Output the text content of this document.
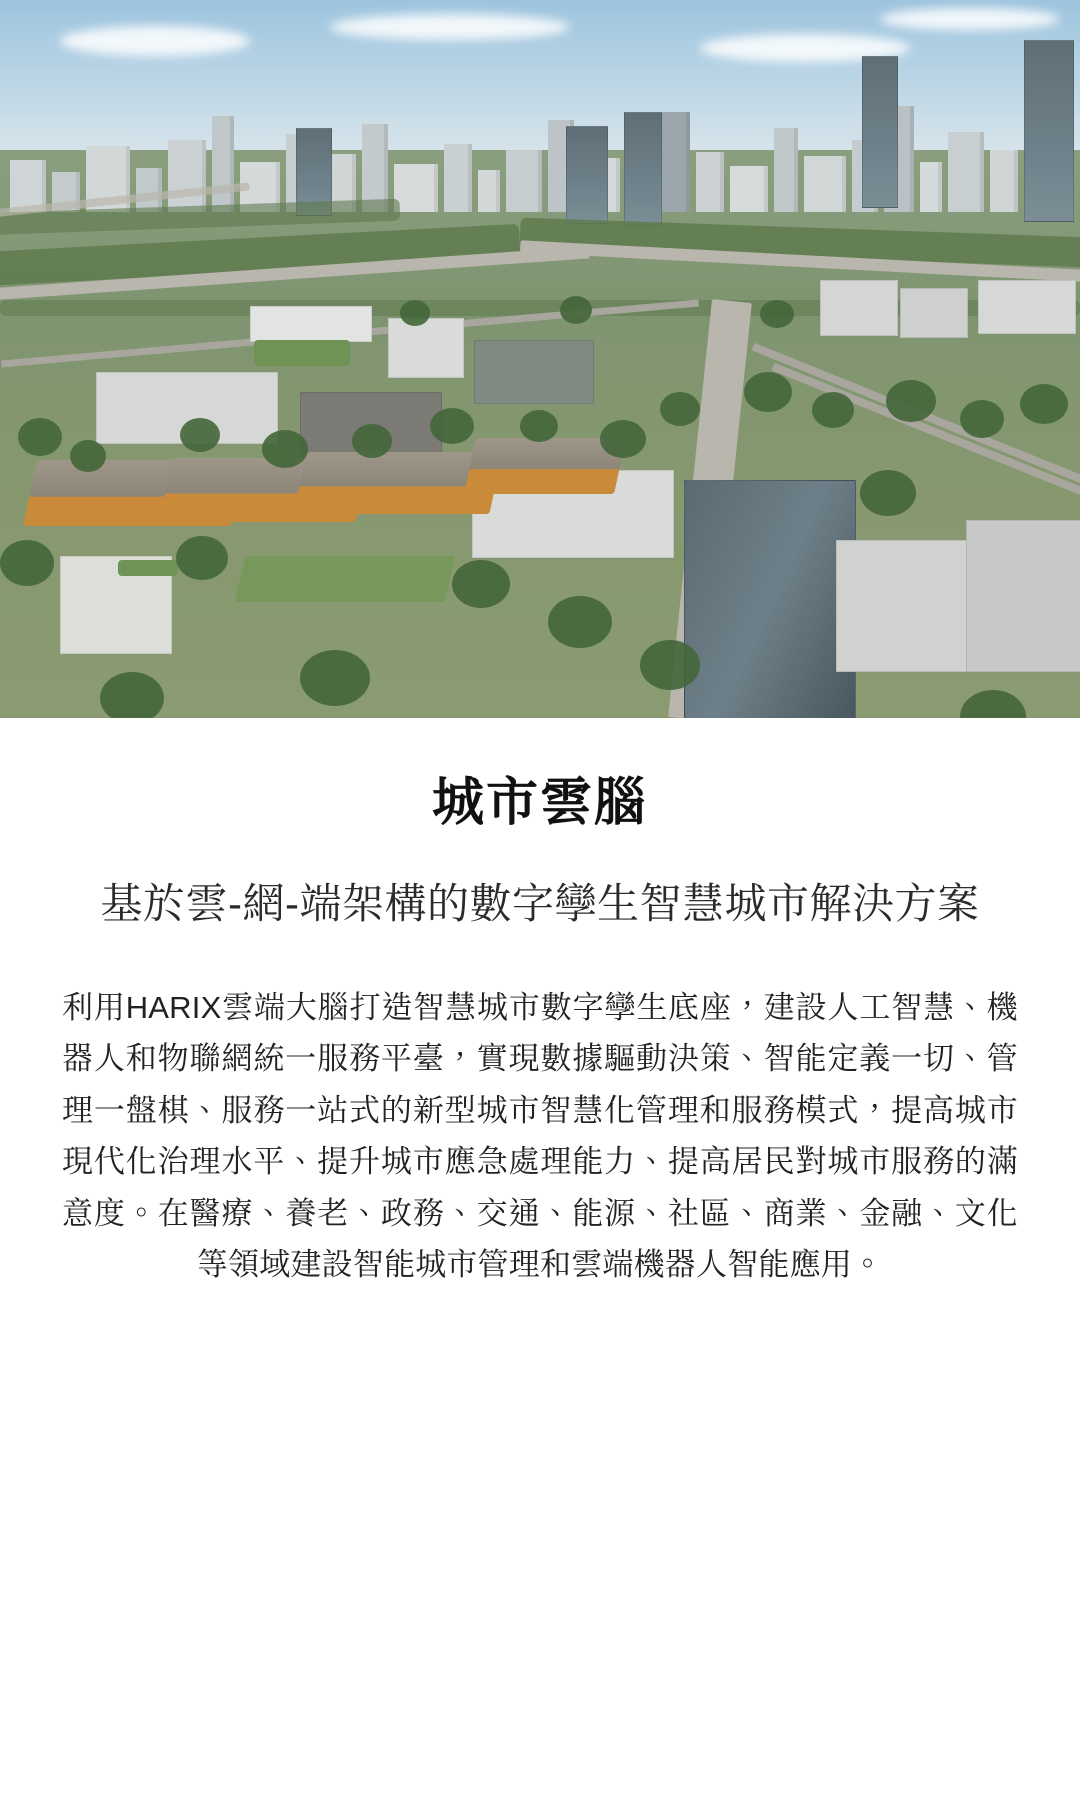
城市雲腦
基於雲-網-端架構的數字孿生智慧城市解決方案

利用HARIX雲端大腦打造智慧城市數字孿生底座，建設人工智慧、機器人和物聯網統一服務平臺，實現數據驅動決策、智能定義一切、管理一盤棋、服務一站式的新型城市智慧化管理和服務模式，提高城市現代化治理水平、提升城市應急處理能力、提高居民對城市服務的滿意度。在醫療、養老、政務、交通、能源、社區、商業、金融、文化等領域建設智能城市管理和雲端機器人智能應用。
